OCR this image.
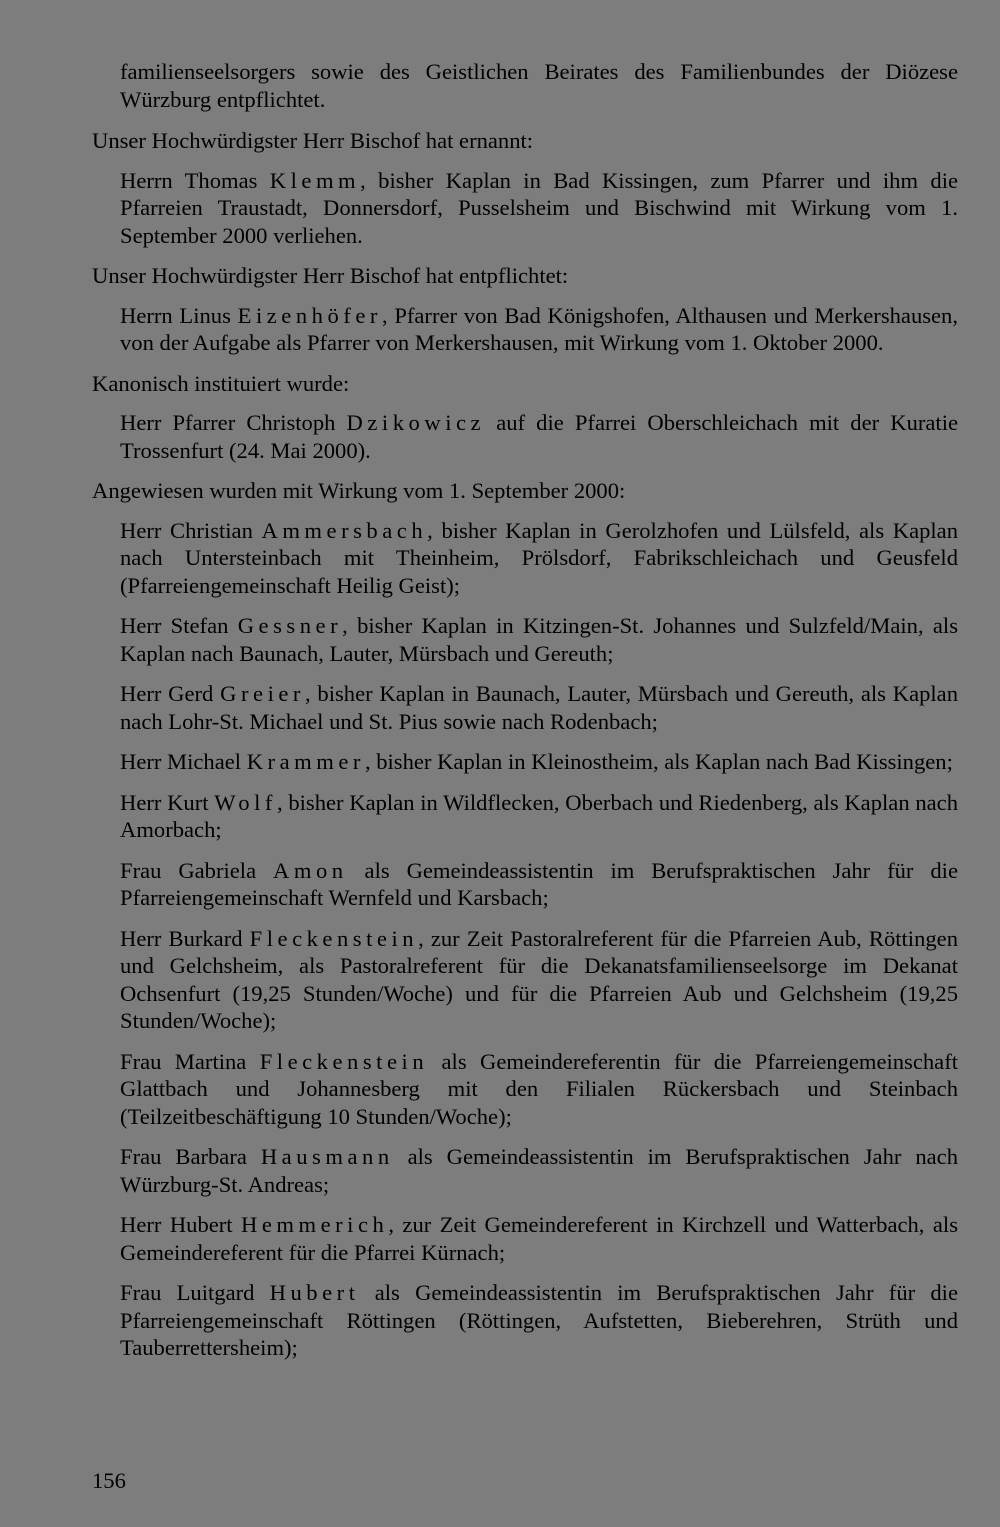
familienseelsorgers sowie des Geistlichen Beirates des Familienbundes der Diözese Würzburg entpflichtet.

Unser Hochwürdigster Herr Bischof hat ernannt:

Herrn Thomas Klemm, bisher Kaplan in Bad Kissingen, zum Pfarrer und ihm die Pfarreien Traustadt, Donnersdorf, Pusselsheim und Bischwind mit Wirkung vom 1. September 2000 verliehen.

Unser Hochwürdigster Herr Bischof hat entpflichtet:

Herrn Linus Eizenhöfer, Pfarrer von Bad Königshofen, Althausen und Merkershausen, von der Aufgabe als Pfarrer von Merkershausen, mit Wirkung vom 1. Oktober 2000.

Kanonisch instituiert wurde:

Herr Pfarrer Christoph Dzikowicz auf die Pfarrei Oberschleichach mit der Kuratie Trossenfurt (24. Mai 2000).

Angewiesen wurden mit Wirkung vom 1. September 2000:

Herr Christian Ammersbach, bisher Kaplan in Gerolzhofen und Lülsfeld, als Kaplan nach Untersteinbach mit Theinheim, Prölsdorf, Fabrikschleichach und Geusfeld (Pfarreiengemeinschaft Heilig Geist);

Herr Stefan Gessner, bisher Kaplan in Kitzingen-St. Johannes und Sulzfeld/Main, als Kaplan nach Baunach, Lauter, Mürsbach und Gereuth;

Herr Gerd Greier, bisher Kaplan in Baunach, Lauter, Mürsbach und Gereuth, als Kaplan nach Lohr-St. Michael und St. Pius sowie nach Rodenbach;

Herr Michael Krammer, bisher Kaplan in Kleinostheim, als Kaplan nach Bad Kissingen;

Herr Kurt Wolf, bisher Kaplan in Wildflecken, Oberbach und Riedenberg, als Kaplan nach Amorbach;

Frau Gabriela Amon als Gemeindeassistentin im Berufspraktischen Jahr für die Pfarreiengemeinschaft Wernfeld und Karsbach;

Herr Burkard Fleckenstein, zur Zeit Pastoralreferent für die Pfarreien Aub, Röttingen und Gelchsheim, als Pastoralreferent für die Dekanatsfamilienseelsorge im Dekanat Ochsenfurt (19,25 Stunden/Woche) und für die Pfarreien Aub und Gelchsheim (19,25 Stunden/Woche);

Frau Martina Fleckenstein als Gemeindereferentin für die Pfarreiengemeinschaft Glattbach und Johannesberg mit den Filialen Rückersbach und Steinbach (Teilzeitbeschäftigung 10 Stunden/Woche);

Frau Barbara Hausmann als Gemeindeassistentin im Berufspraktischen Jahr nach Würzburg-St. Andreas;

Herr Hubert Hemmerich, zur Zeit Gemeindereferent in Kirchzell und Watterbach, als Gemeindereferent für die Pfarrei Kürnach;

Frau Luitgard Hubert als Gemeindeassistentin im Berufspraktischen Jahr für die Pfarreiengemeinschaft Röttingen (Röttingen, Aufstetten, Bieberehren, Strüth und Tauberrettersheim);

156
